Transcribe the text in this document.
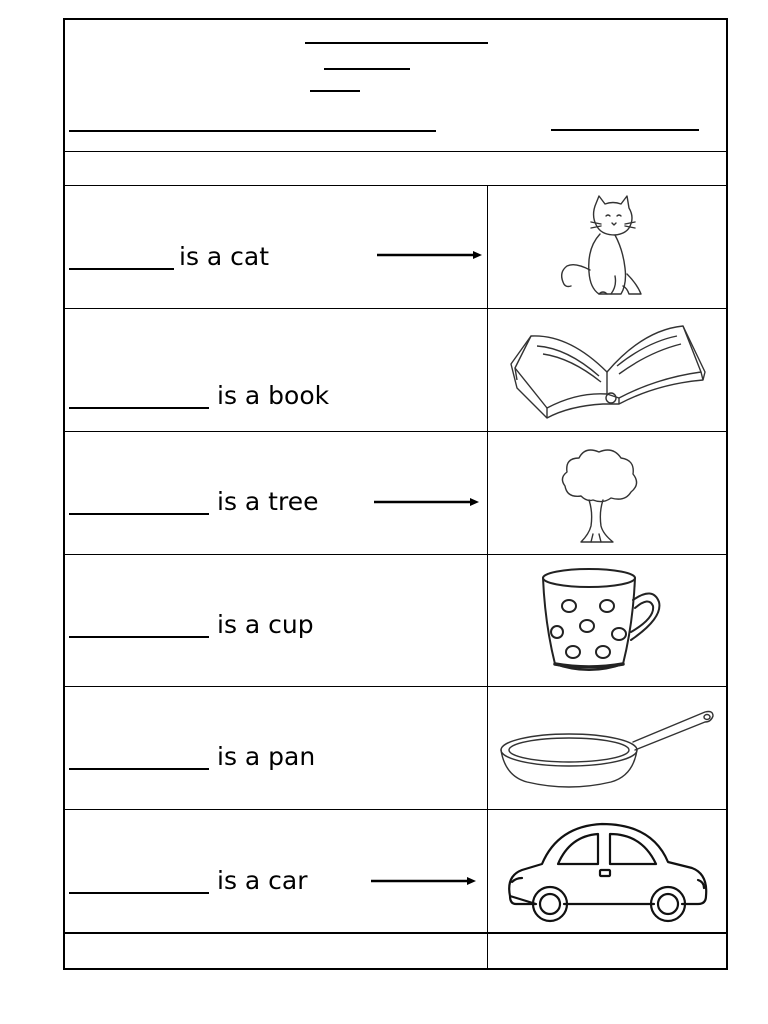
is a cat
is a book
is a tree
is a cup
is a pan
is a car
